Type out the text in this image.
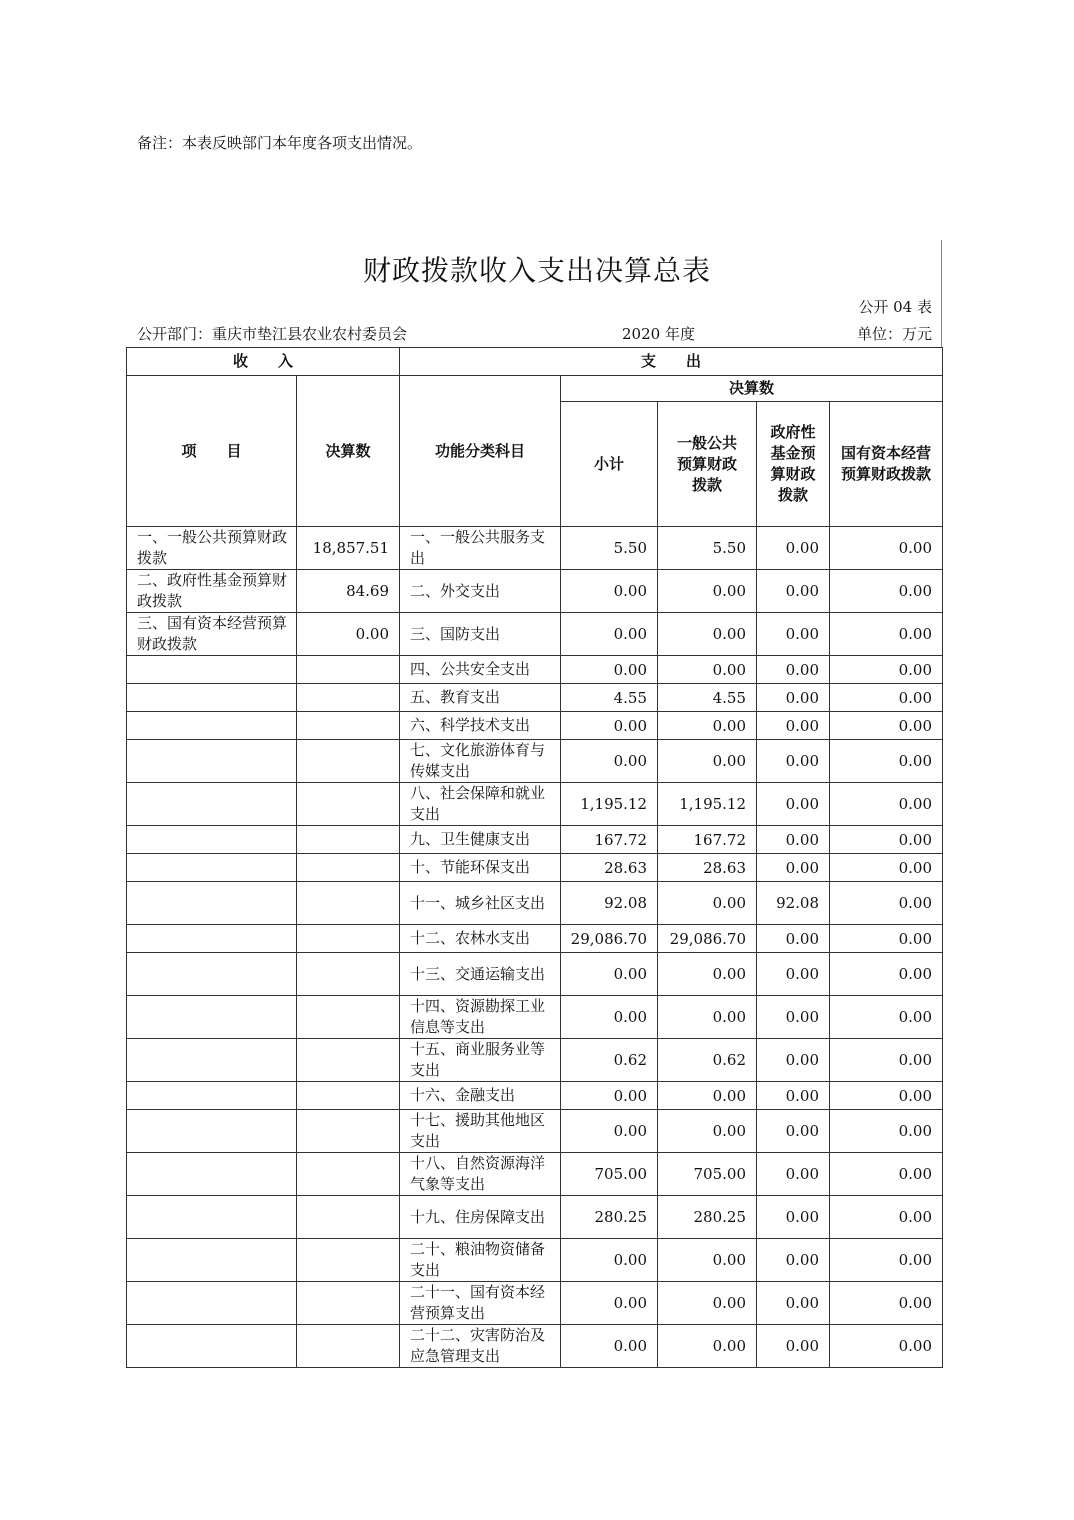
备注：本表反映部门本年度各项支出情况。
财政拨款收入支出决算总表
公开 04 表
公开部门：重庆市垫江县农业农村委员会	2020 年度	单位：万元
收　　入		支　　出				
项　　目	决算数	功能分类科目	决算数			
			小计	一般公共预算财政拨款	政府性基金预算财政拨款	国有资本经营预算财政拨款
一、一般公共预算财政拨款	18,857.51	一、一般公共服务支出	5.50	5.50	0.00	0.00
二、政府性基金预算财政拨款	84.69	二、外交支出	0.00	0.00	0.00	0.00
三、国有资本经营预算财政拨款	0.00	三、国防支出	0.00	0.00	0.00	0.00
		四、公共安全支出	0.00	0.00	0.00	0.00
		五、教育支出	4.55	4.55	0.00	0.00
		六、科学技术支出	0.00	0.00	0.00	0.00
		七、文化旅游体育与传媒支出	0.00	0.00	0.00	0.00
		八、社会保障和就业支出	1,195.12	1,195.12	0.00	0.00
		九、卫生健康支出	167.72	167.72	0.00	0.00
		十、节能环保支出	28.63	28.63	0.00	0.00
		十一、城乡社区支出	92.08	0.00	92.08	0.00
		十二、农林水支出	29,086.70	29,086.70	0.00	0.00
		十三、交通运输支出	0.00	0.00	0.00	0.00
		十四、资源勘探工业信息等支出	0.00	0.00	0.00	0.00
		十五、商业服务业等支出	0.62	0.62	0.00	0.00
		十六、金融支出	0.00	0.00	0.00	0.00
		十七、援助其他地区支出	0.00	0.00	0.00	0.00
		十八、自然资源海洋气象等支出	705.00	705.00	0.00	0.00
		十九、住房保障支出	280.25	280.25	0.00	0.00
		二十、粮油物资储备支出	0.00	0.00	0.00	0.00
		二十一、国有资本经营预算支出	0.00	0.00	0.00	0.00
		二十二、灾害防治及应急管理支出	0.00	0.00	0.00	0.00
